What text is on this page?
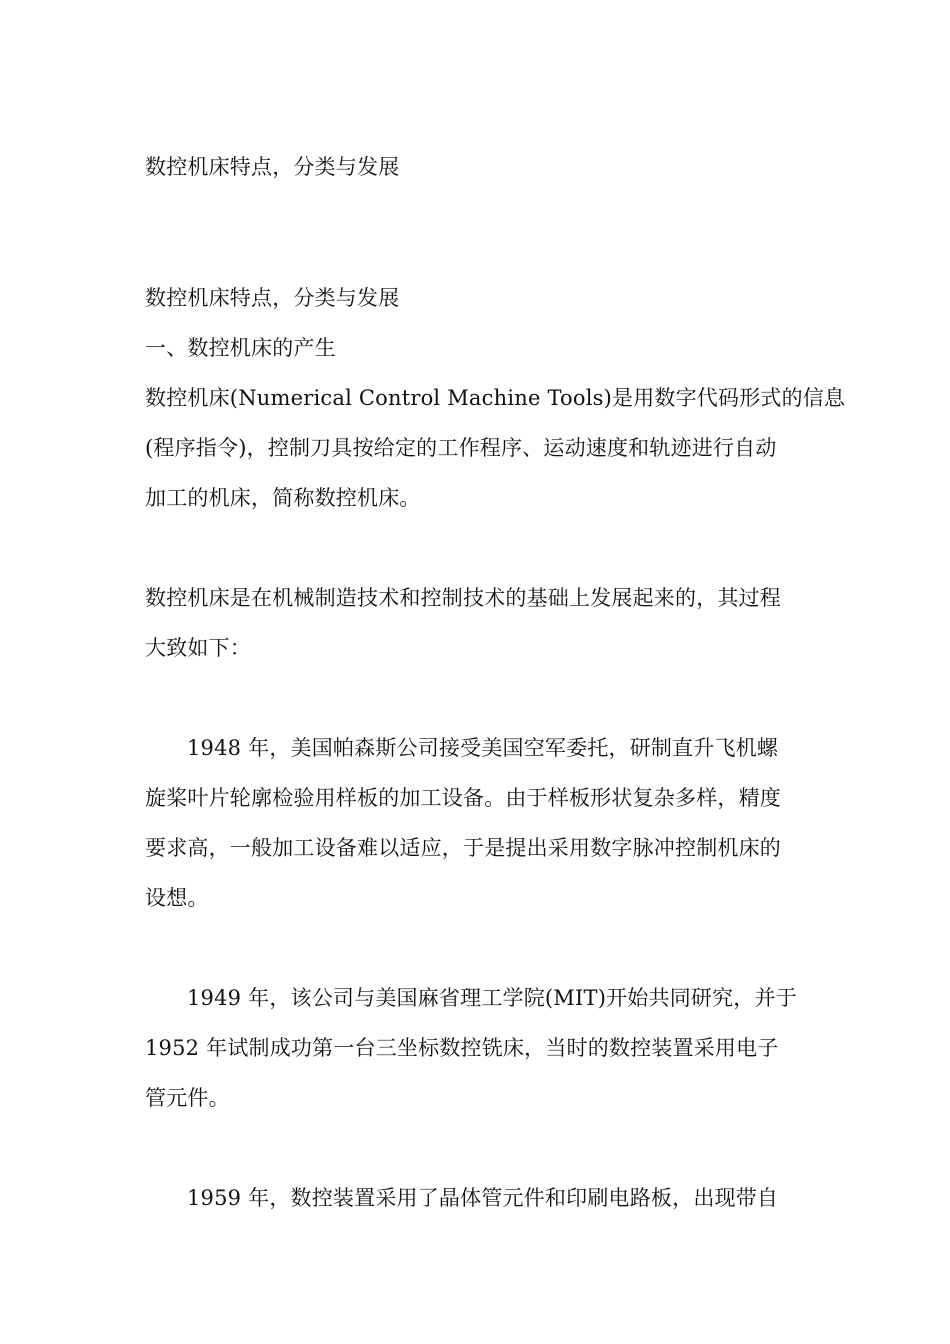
数控机床特点，分类与发展
数控机床特点，分类与发展
一、数控机床的产生
数控机床(Numerical Control Machine Tools)是用数字代码形式的信息
(程序指令)，控制刀具按给定的工作程序、运动速度和轨迹进行自动
加工的机床，简称数控机床。
数控机床是在机械制造技术和控制技术的基础上发展起来的，其过程
大致如下：
1948 年，美国帕森斯公司接受美国空军委托，研制直升飞机螺
旋桨叶片轮廓检验用样板的加工设备。由于样板形状复杂多样，精度
要求高，一般加工设备难以适应，于是提出采用数字脉冲控制机床的
设想。
1949 年，该公司与美国麻省理工学院(MIT)开始共同研究，并于
1952 年试制成功第一台三坐标数控铣床，当时的数控装置采用电子
管元件。
1959 年，数控装置采用了晶体管元件和印刷电路板，出现带自
